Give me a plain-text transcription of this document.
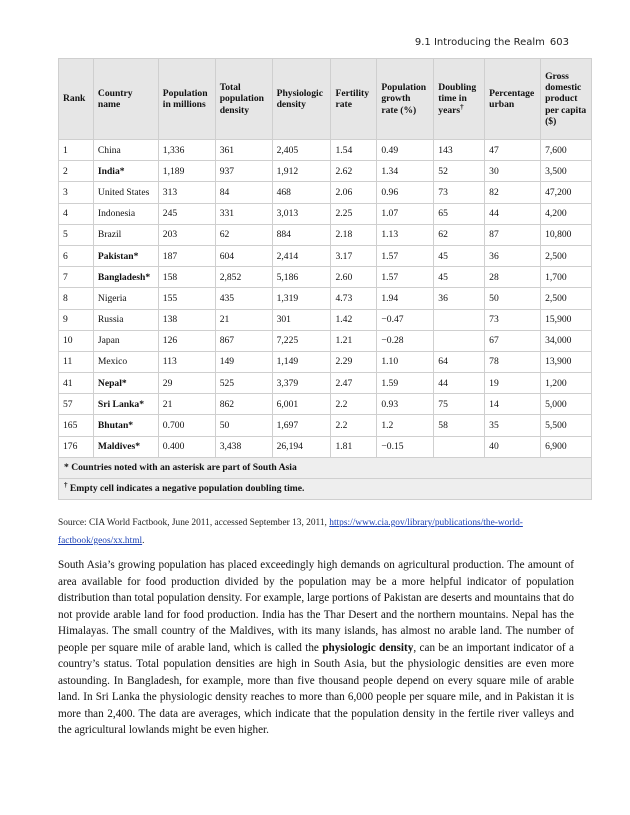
9.1 Introducing the Realm 603
Rank	Country name	Population in millions	Total population density	Physiologic density	Fertility rate	Population growth rate (%)	Doubling time in years†	Percentage urban	Gross domestic product per capita ($)
1	China	1,336	361	2,405	1.54	0.49	143	47	7,600
2	India*	1,189	937	1,912	2.62	1.34	52	30	3,500
3	United States	313	84	468	2.06	0.96	73	82	47,200
4	Indonesia	245	331	3,013	2.25	1.07	65	44	4,200
5	Brazil	203	62	884	2.18	1.13	62	87	10,800
6	Pakistan*	187	604	2,414	3.17	1.57	45	36	2,500
7	Bangladesh*	158	2,852	5,186	2.60	1.57	45	28	1,700
8	Nigeria	155	435	1,319	4.73	1.94	36	50	2,500
9	Russia	138	21	301	1.42	−0.47		73	15,900
10	Japan	126	867	7,225	1.21	−0.28		67	34,000
11	Mexico	113	149	1,149	2.29	1.10	64	78	13,900
41	Nepal*	29	525	3,379	2.47	1.59	44	19	1,200
57	Sri Lanka*	21	862	6,001	2.2	0.93	75	14	5,000
165	Bhutan*	0.700	50	1,697	2.2	1.2	58	35	5,500
176	Maldives*	0.400	3,438	26,194	1.81	−0.15		40	6,900
* Countries noted with an asterisk are part of South Asia									
† Empty cell indicates a negative population doubling time.									
Source: CIA World Factbook, June 2011, accessed September 13, 2011, https://www.cia.gov/library/publications/the-world-factbook/geos/xx.html.

South Asia’s growing population has placed exceedingly high demands on agricultural production. The amount of area available for food production divided by the population may be a more helpful indicator of population distribution than total population density. For example, large portions of Pakistan are deserts and mountains that do not provide arable land for food production. India has the Thar Desert and the northern mountains. Nepal has the Himalayas. The small country of the Maldives, with its many islands, has almost no arable land. The number of people per square mile of arable land, which is called the physiologic density, can be an important indicator of a country’s status. Total population densities are high in South Asia, but the physiologic densities are even more astounding. In Bangladesh, for example, more than five thousand people depend on every square mile of arable land. In Sri Lanka the physiologic density reaches to more than 6,000 people per square mile, and in Pakistan it is more than 2,400. The data are averages, which indicate that the population density in the fertile river valleys and the agricultural lowlands might be even higher.
